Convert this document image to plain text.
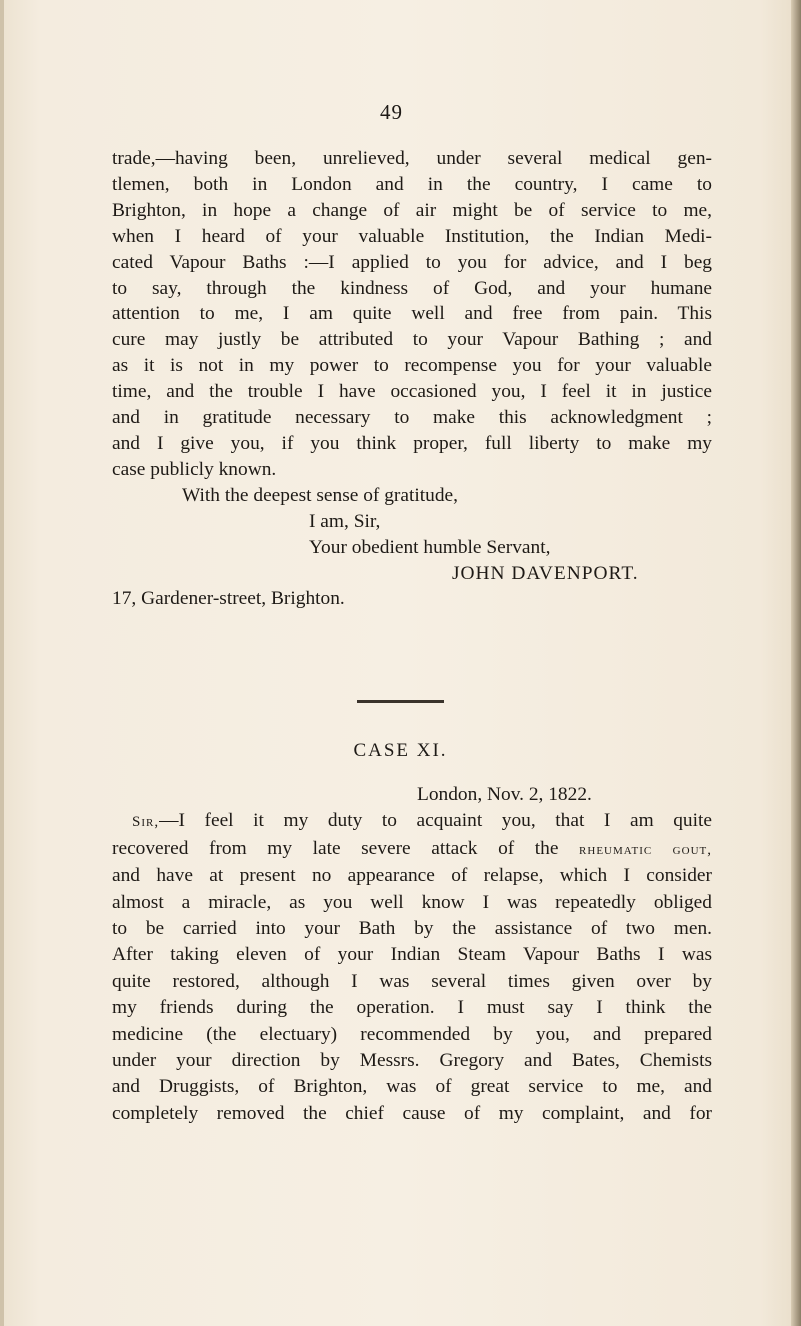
49
trade,—having been, unrelieved, under several medical gen-
tlemen, both in London and in the country, I came to
Brighton, in hope a change of air might be of service to me,
when I heard of your valuable Institution, the Indian Medi-
cated Vapour Baths :—I applied to you for advice, and I beg
to say, through the kindness of God, and your humane
attention to me, I am quite well and free from pain. This
cure may justly be attributed to your Vapour Bathing ; and
as it is not in my power to recompense you for your valuable
time, and the trouble I have occasioned you, I feel it in justice
and in gratitude necessary to make this acknowledgment ;
and I give you, if you think proper, full liberty to make my
case publicly known.
With the deepest sense of gratitude,
I am, Sir,
Your obedient humble Servant,
JOHN DAVENPORT.
17, Gardener-street, Brighton.
CASE XI.
London, Nov. 2, 1822.
Sir,—I feel it my duty to acquaint you, that I am quite
recovered from my late severe attack of the rheumatic gout,
and have at present no appearance of relapse, which I consider
almost a miracle, as you well know I was repeatedly obliged
to be carried into your Bath by the assistance of two men.
After taking eleven of your Indian Steam Vapour Baths I was
quite restored, although I was several times given over by
my friends during the operation. I must say I think the
medicine (the electuary) recommended by you, and prepared
under your direction by Messrs. Gregory and Bates, Chemists
and Druggists, of Brighton, was of great service to me, and
completely removed the chief cause of my complaint, and for
